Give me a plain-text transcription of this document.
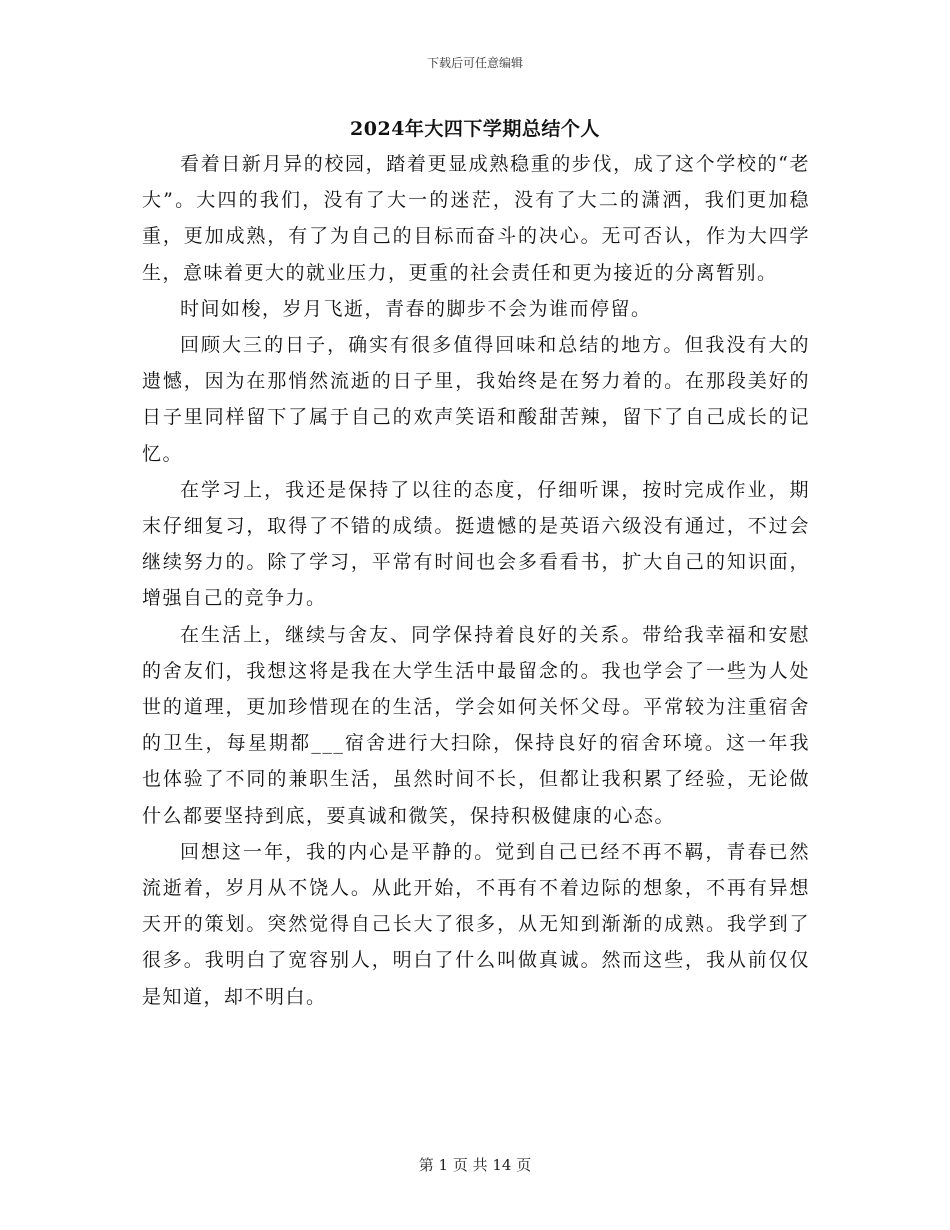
下载后可任意编辑
2024年大四下学期总结个人

看着日新月异的校园，踏着更显成熟稳重的步伐，成了这个学校的“老大”。大四的我们，没有了大一的迷茫，没有了大二的潇洒，我们更加稳重，更加成熟，有了为自己的目标而奋斗的决心。无可否认，作为大四学生，意味着更大的就业压力，更重的社会责任和更为接近的分离暂别。

时间如梭，岁月飞逝，青春的脚步不会为谁而停留。

回顾大三的日子，确实有很多值得回味和总结的地方。但我没有大的遗憾，因为在那悄然流逝的日子里，我始终是在努力着的。在那段美好的日子里同样留下了属于自己的欢声笑语和酸甜苦辣，留下了自己成长的记忆。

在学习上，我还是保持了以往的态度，仔细听课，按时完成作业，期末仔细复习，取得了不错的成绩。挺遗憾的是英语六级没有通过，不过会继续努力的。除了学习，平常有时间也会多看看书，扩大自己的知识面，增强自己的竞争力。

在生活上，继续与舍友、同学保持着良好的关系。带给我幸福和安慰的舍友们，我想这将是我在大学生活中最留念的。我也学会了一些为人处世的道理，更加珍惜现在的生活，学会如何关怀父母。平常较为注重宿舍的卫生，每星期都___宿舍进行大扫除，保持良好的宿舍环境。这一年我也体验了不同的兼职生活，虽然时间不长，但都让我积累了经验，无论做什么都要坚持到底，要真诚和微笑，保持积极健康的心态。

回想这一年，我的内心是平静的。觉到自己已经不再不羁，青春已然流逝着，岁月从不饶人。从此开始，不再有不着边际的想象，不再有异想天开的策划。突然觉得自己长大了很多，从无知到渐渐的成熟。我学到了很多。我明白了宽容别人，明白了什么叫做真诚。然而这些，我从前仅仅是知道，却不明白。

第 1 页 共 14 页
